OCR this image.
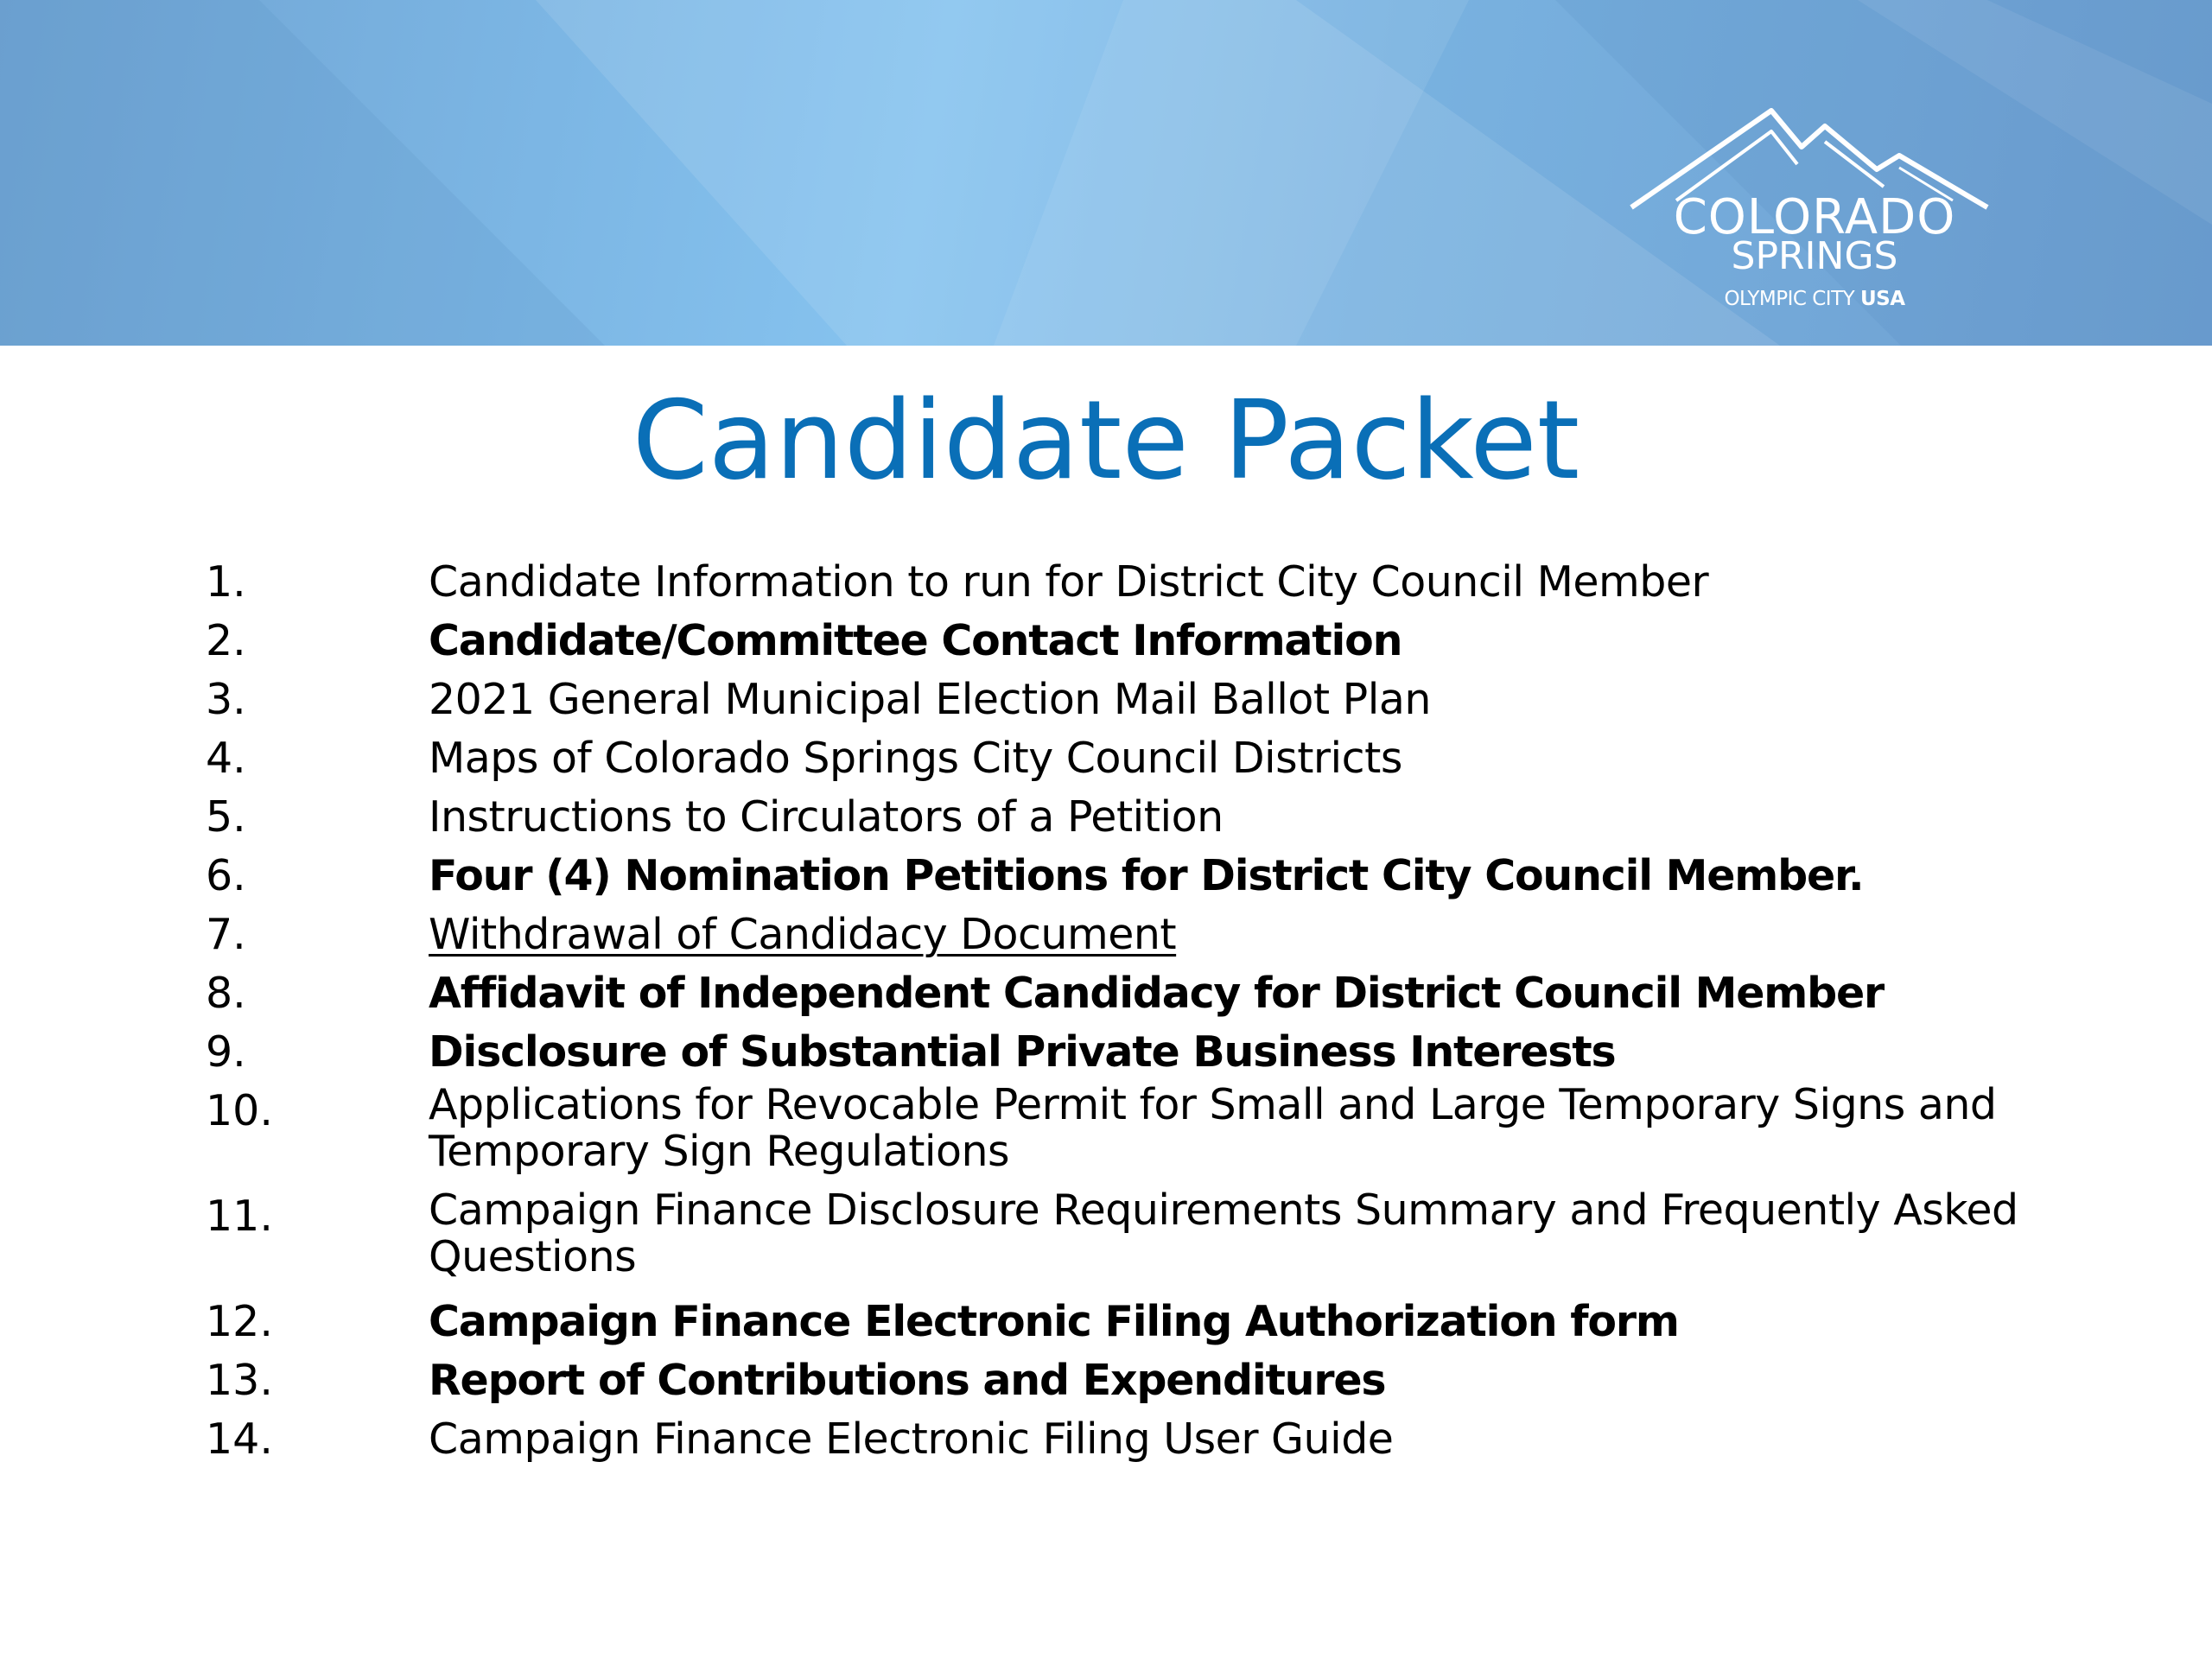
COLORADO
SPRINGS
OLYMPIC CITY USA
Candidate Packet
1.	Candidate Information to run for District City Council Member
2.	Candidate/Committee Contact Information
3.	2021 General Municipal Election Mail Ballot Plan
4.	Maps of Colorado Springs City Council Districts
5.	Instructions to Circulators of a Petition
6.	Four (4) Nomination Petitions for District City Council Member.
7.	Withdrawal of Candidacy Document
8.	Affidavit of Independent Candidacy for District Council Member
9.	Disclosure of Substantial Private Business Interests
10.	Applications for Revocable Permit for Small and Large Temporary Signs and Temporary Sign Regulations
11.	Campaign Finance Disclosure Requirements Summary and Frequently Asked Questions
12.	Campaign Finance Electronic Filing Authorization form
13.	Report of Contributions and Expenditures
14.	Campaign Finance Electronic Filing User Guide
